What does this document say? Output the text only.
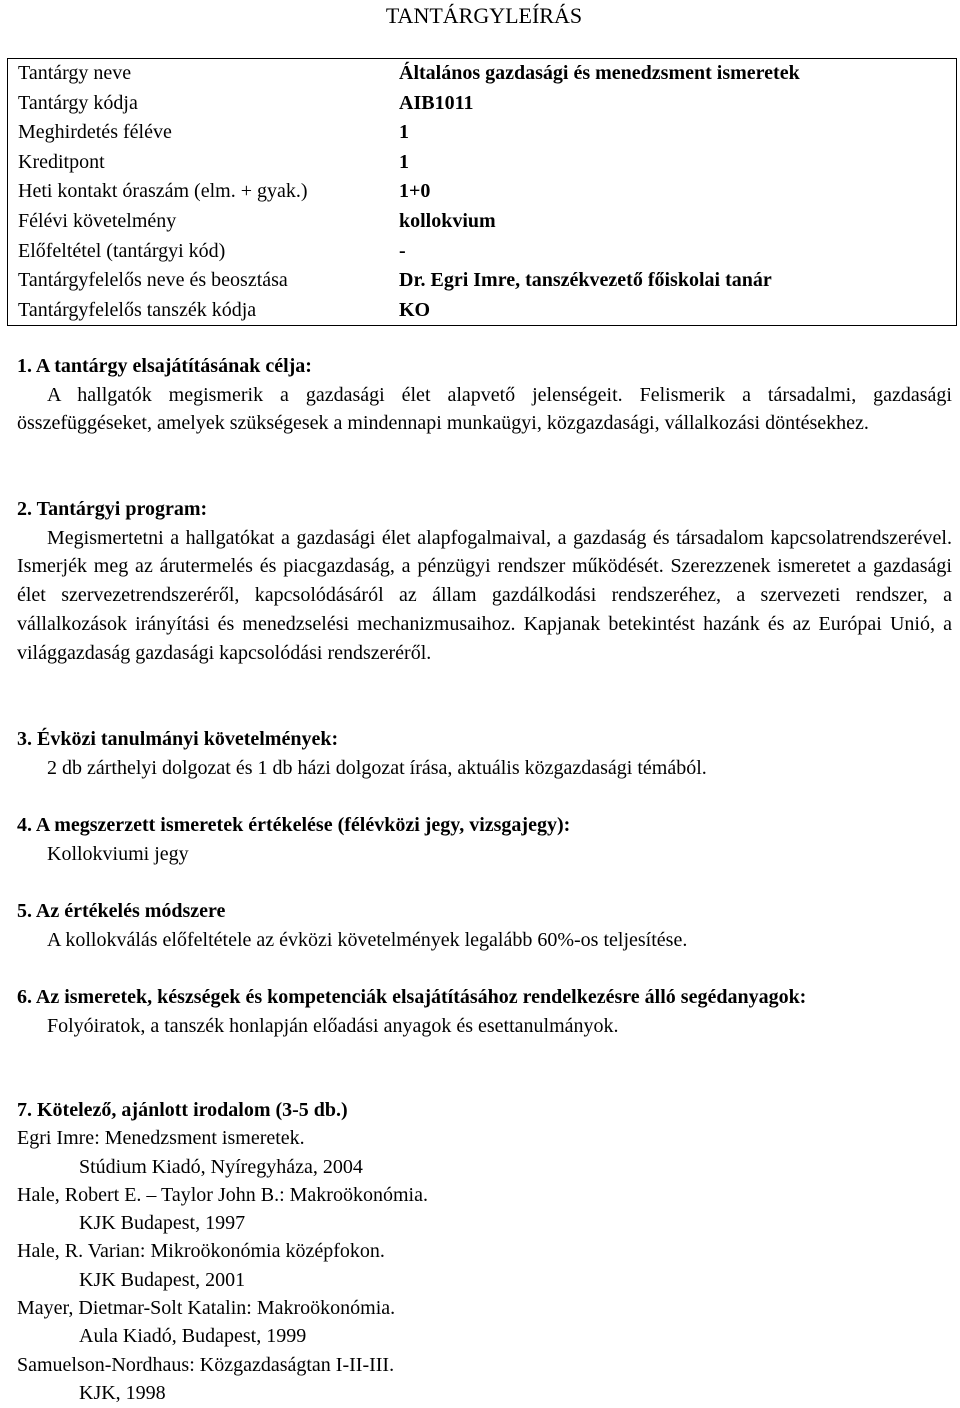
TANTÁRGYLEÍRÁS
Tantárgy neve	Általános gazdasági és menedzsment ismeretek
Tantárgy kódja	AIB1011
Meghirdetés féléve	1
Kreditpont	1
Heti kontakt óraszám (elm. + gyak.)	1+0
Félévi követelmény	kollokvium
Előfeltétel (tantárgyi kód)	-
Tantárgyfelelős neve és beosztása	Dr. Egri Imre, tanszékvezető főiskolai tanár
Tantárgyfelelős tanszék kódja	KO
1. A tantárgy elsajátításának célja:
A hallgatók megismerik a gazdasági élet alapvető jelenségeit. Felismerik a társadalmi, gazdasági összefüggéseket, amelyek szükségesek a mindennapi munkaügyi, közgazdasági, vállalkozási döntésekhez.
2. Tantárgyi program:
Megismertetni a hallgatókat a gazdasági élet alapfogalmaival, a gazdaság és társadalom kapcsolatrendszerével. Ismerjék meg az árutermelés és piacgazdaság, a pénzügyi rendszer működését. Szerezzenek ismeretet a gazdasági élet szervezetrendszeréről, kapcsolódásáról az állam gazdálkodási rendszeréhez, a szervezeti rendszer, a vállalkozások irányítási és menedzselési mechanizmusaihoz. Kapjanak betekintést hazánk és az Európai Unió, a világgazdaság gazdasági kapcsolódási rendszeréről.
3. Évközi tanulmányi követelmények:
2 db zárthelyi dolgozat és 1 db házi dolgozat írása, aktuális közgazdasági témából.
4. A megszerzett ismeretek értékelése (félévközi jegy, vizsgajegy):
Kollokviumi jegy
5. Az értékelés módszere
A kollokválás előfeltétele az évközi követelmények legalább 60%-os teljesítése.
6. Az ismeretek, készségek és kompetenciák elsajátításához rendelkezésre álló segédanyagok:
Folyóiratok, a tanszék honlapján előadási anyagok és esettanulmányok.
7. Kötelező, ajánlott irodalom (3-5 db.)
Egri Imre: Menedzsment ismeretek.
Stúdium Kiadó, Nyíregyháza, 2004
Hale, Robert E. – Taylor John B.: Makroökonómia.
KJK Budapest, 1997
Hale, R. Varian: Mikroökonómia középfokon.
KJK Budapest, 2001
Mayer, Dietmar-Solt Katalin: Makroökonómia.
Aula Kiadó, Budapest, 1999
Samuelson-Nordhaus: Közgazdaságtan I-II-III.
KJK, 1998
